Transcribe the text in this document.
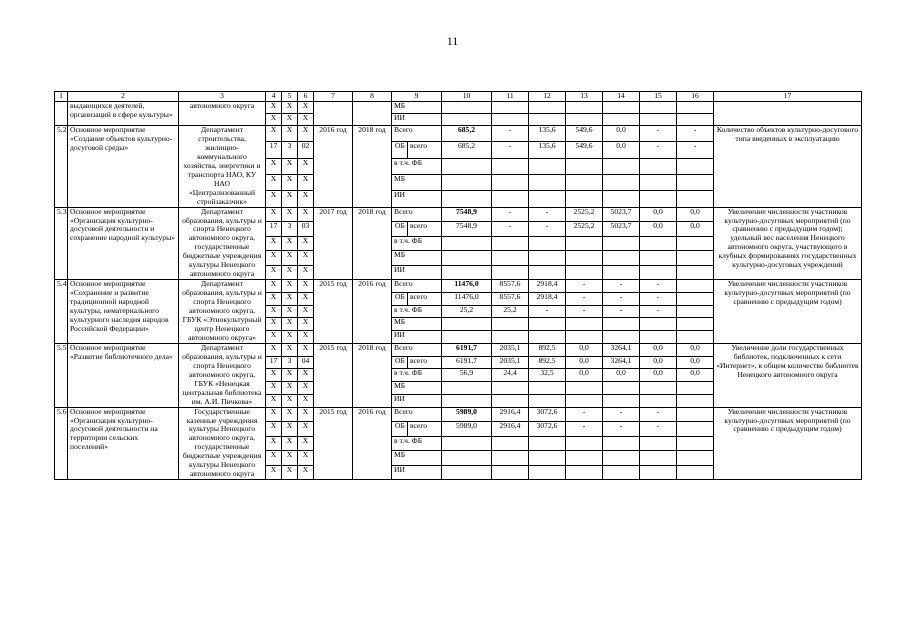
11
1	2	3	4	5	6	7	8	9	10	11	12	13	14	15	16	17
	выдающихся деятелей, организаций в сфере культуры»	автономного округа	X	X	X			МБ								
			X	X	X			ИИ								
5.2	Основное мероприятие «Создание объектов культурно-досуговой среды»	Департамент строительства, жилищно-коммунального хозяйства, энергетики и транспорта НАО, КУ НАО «Централизованный стройзаказчик»	X	X	X	2016 год	2018 год	Всего	685,2	-	135,6	549,6	0,0	-	-	Количество объектов культурно-досугового типа введенных в эксплуатацию
			17	3	02			ОБ всего	685,2	-	135,6	549,6	0,0	-	-	
			X	X	X			в т.ч. ФБ								
			X	X	X			МБ								
			X	X	X			ИИ								
5.3	Основное мероприятие «Организация культурно-досуговой деятельности и сохранение народной культуры»	Департамент образования, культуры и спорта Ненецкого автономного округа, государственные бюджетные учреждения культуры Ненецкого автономного округа	X	X	X	2017 год	2018 год	Всего	7548,9	-	-	2525,2	5023,7	0,0	0,0	Увеличение численности участников культурно-досуговых мероприятий (по сравнению с предыдущим годом); удельный вес населения Ненецкого автономного округа, участвующего в клубных формированиях государственных культурно-досуговых учреждений
			17	3	03			ОБ всего	7548,9	-	-	2525,2	5023,7	0,0	0,0	
			X	X	X			в т.ч. ФБ								
			X	X	X			МБ								
			X	X	X			ИИ								
5.4	Основное мероприятие «Сохранение и развитие традиционной народной культуры, нематериального культурного наследия народов Российской Федерации»	Департамент образования, культуры и спорта Ненецкого автономного округа, ГБУК «Этнокультурный центр Ненецкого автономного округа»	X	X	X	2015 год	2016 год	Всего	11476,0	8557,6	2918,4	-	-	-		Увеличение численности участников культурно-досуговых мероприятий (по сравнению с предыдущим годом)
			X	X	X			ОБ всего	11476,0	8557,6	2918,4	-	-	-		
			X	X	X			в т.ч. ФБ	25,2	25,2	-	-	-	-		
			X	X	X			МБ								
			X	X	X			ИИ								
5.5	Основное мероприятие «Развитие библиотечного дела»	Департамент образования, культуры и спорта Ненецкого автономного округа, ГБУК «Ненецкая центральная библиотека им. А.И. Пичкова»	X	X	X	2015 год	2018 год	Всего	6191,7	2035,1	892,5	0,0	3264,1	0,0	0,0	Увеличение доли государственных библиотек, подключенных к сети «Интернет», в общем количестве библиотек Ненецкого автономного округа
			17	3	04			ОБ всего	6191,7	2035,1	892,5	0,0	3264,1	0,0	0,0	
			X	X	X			в т.ч. ФБ	56,9	24,4	32,5	0,0	0,0	0,0	0,0	
			X	X	X			МБ								
			X	X	X			ИИ								
5.6	Основное мероприятие «Организация культурно-досуговой деятельности на территории сельских поселений»	Государственные казенные учреждения культуры Ненецкого автономного округа, государственные бюджетные учреждения культуры Ненецкого автономного округа	X	X	X	2015 год	2016 год	Всего	5989,0	2916,4	3072,6	-	-	-		Увеличение численности участников культурно-досуговых мероприятий (по сравнению с предыдущим годом)
			X	X	X			ОБ всего	5989,0	2916,4	3072,6	-	-	-		
			X	X	X			в т.ч. ФБ								
			X	X	X			МБ								
			X	X	X			ИИ								
